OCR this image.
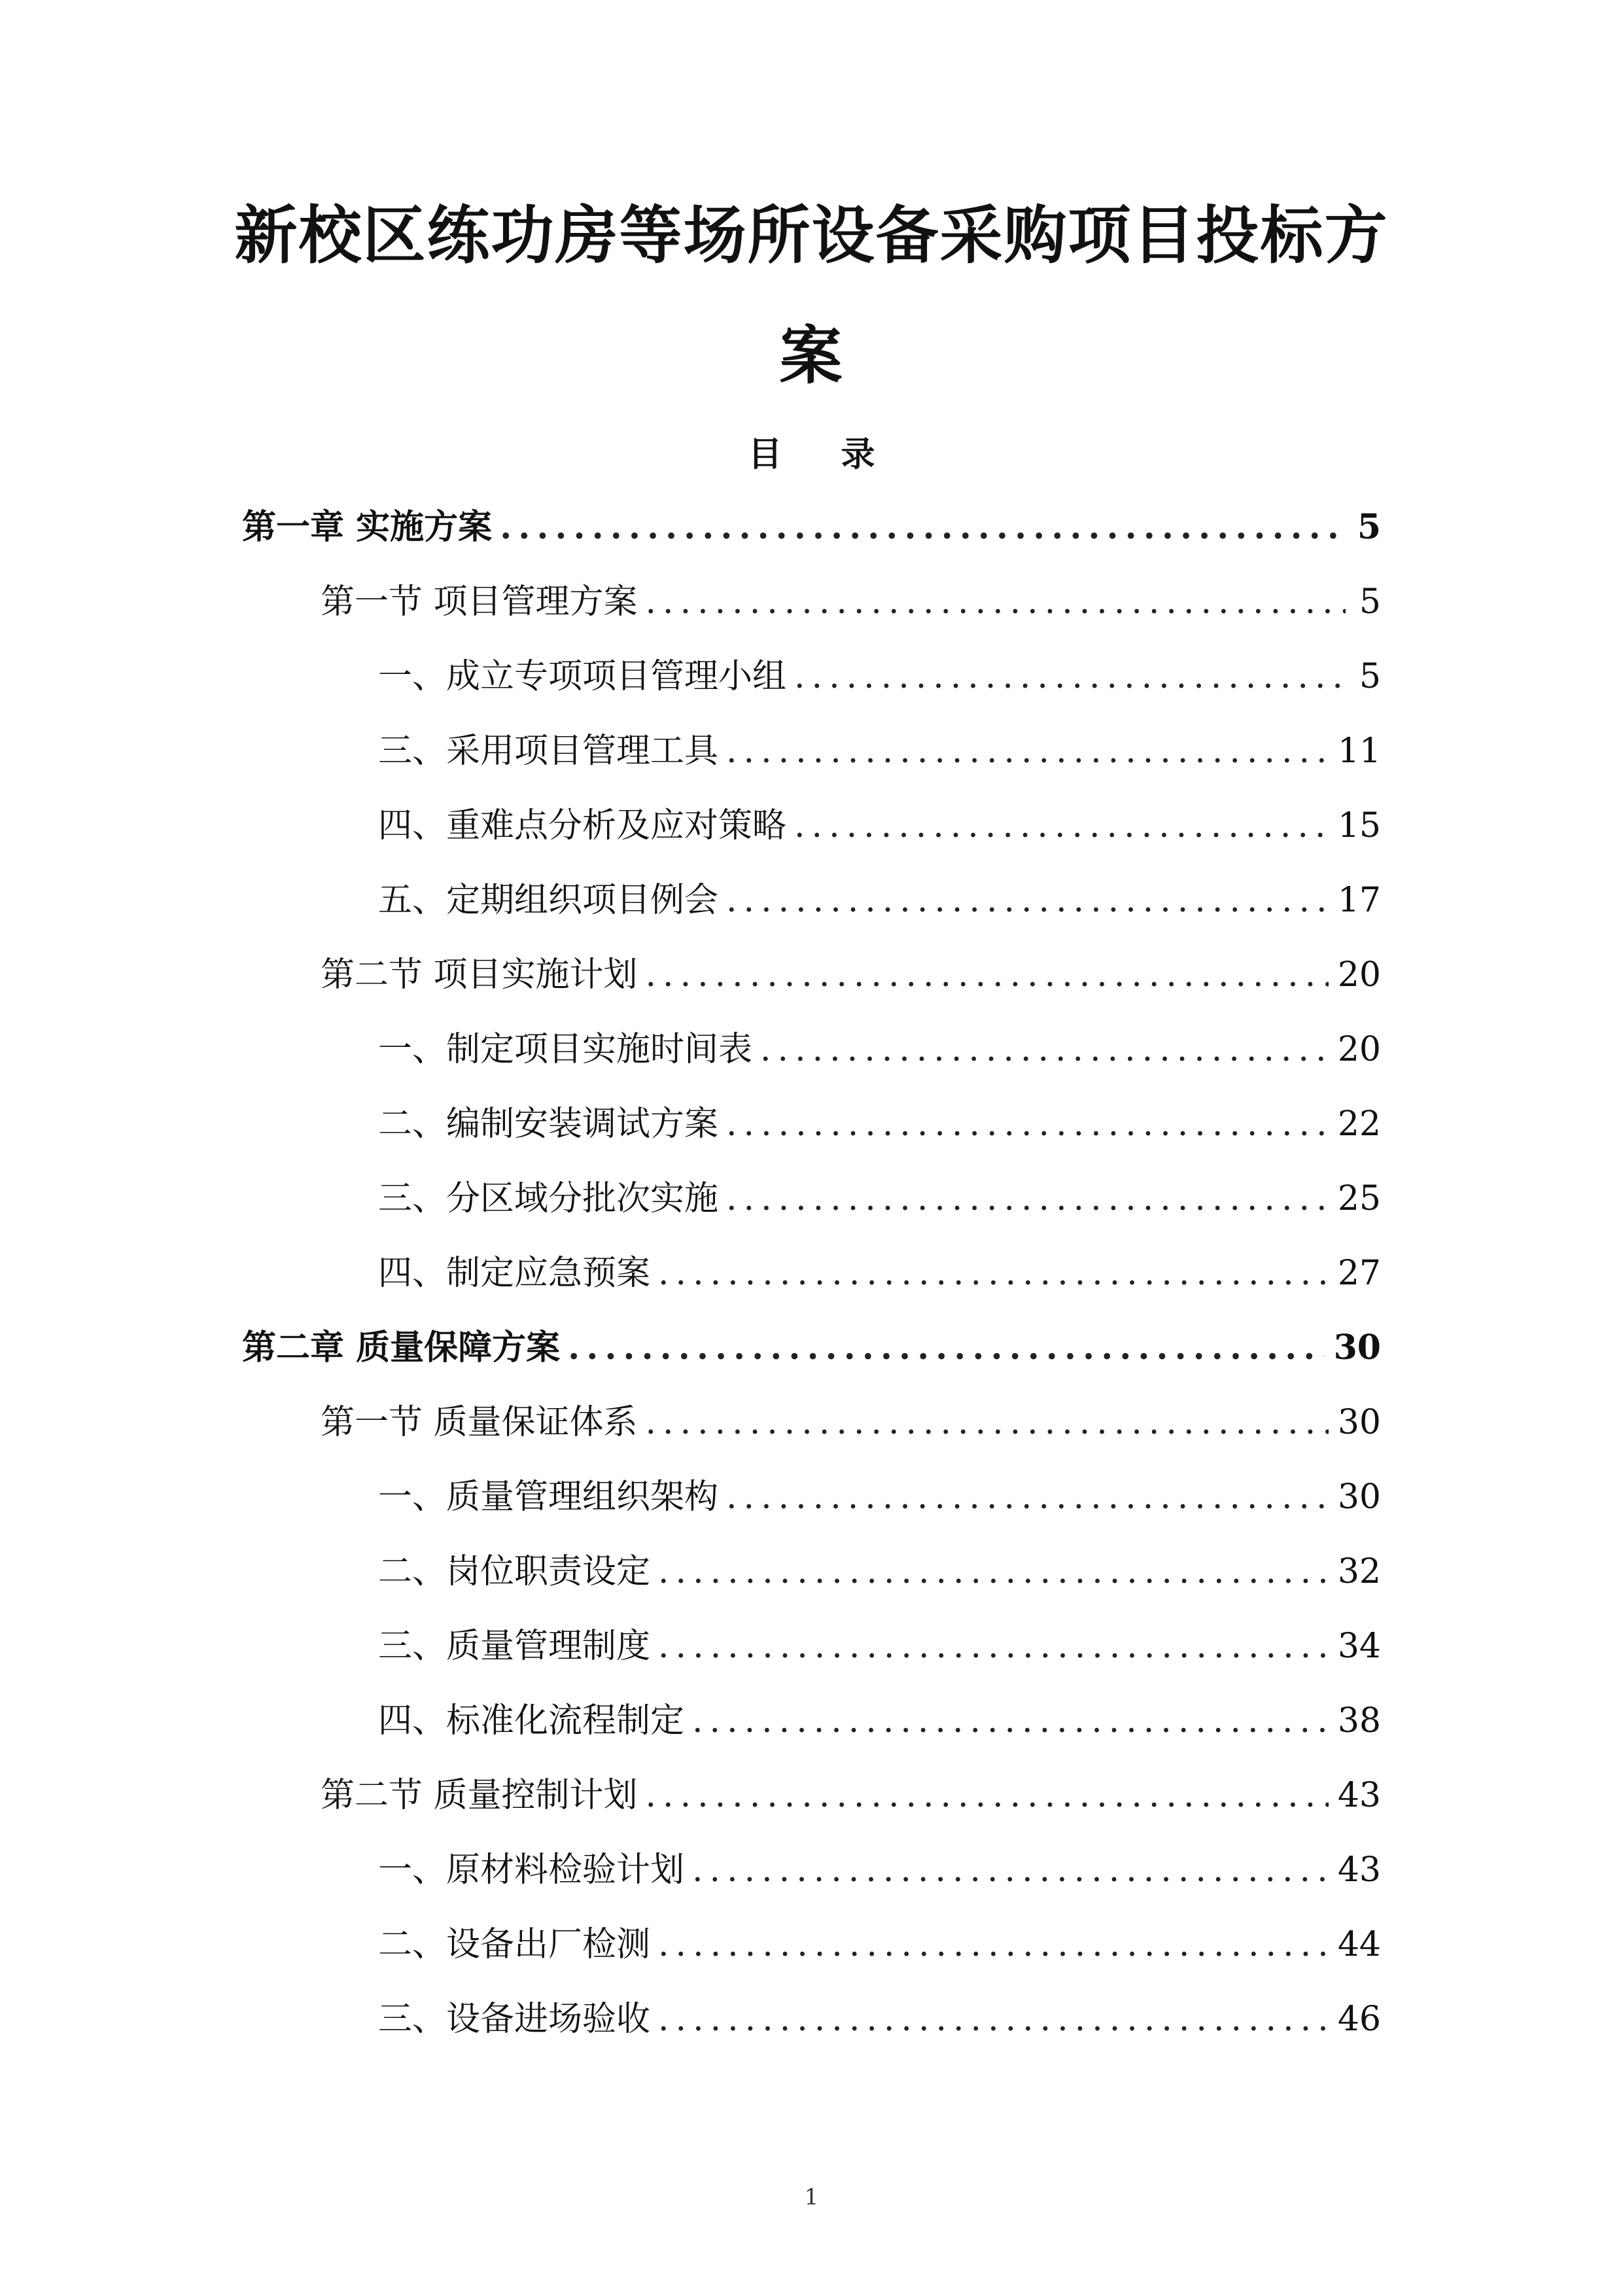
新校区练功房等场所设备采购项目投标方
案
目 录
第一章 实施方案 .....	5
第一节 项目管理方案 .....	5
一、成立专项项目管理小组 .....	5
三、采用项目管理工具 .....	11
四、重难点分析及应对策略 .....	15
五、定期组织项目例会 .....	17
第二节 项目实施计划 .....	20
一、制定项目实施时间表 .....	20
二、编制安装调试方案 .....	22
三、分区域分批次实施 .....	25
四、制定应急预案 .....	27
第二章 质量保障方案 .....	30
第一节 质量保证体系 .....	30
一、质量管理组织架构 .....	30
二、岗位职责设定 .....	32
三、质量管理制度 .....	34
四、标准化流程制定 .....	38
第二节 质量控制计划 .....	43
一、原材料检验计划 .....	43
二、设备出厂检测 .....	44
三、设备进场验收 .....	46
1
